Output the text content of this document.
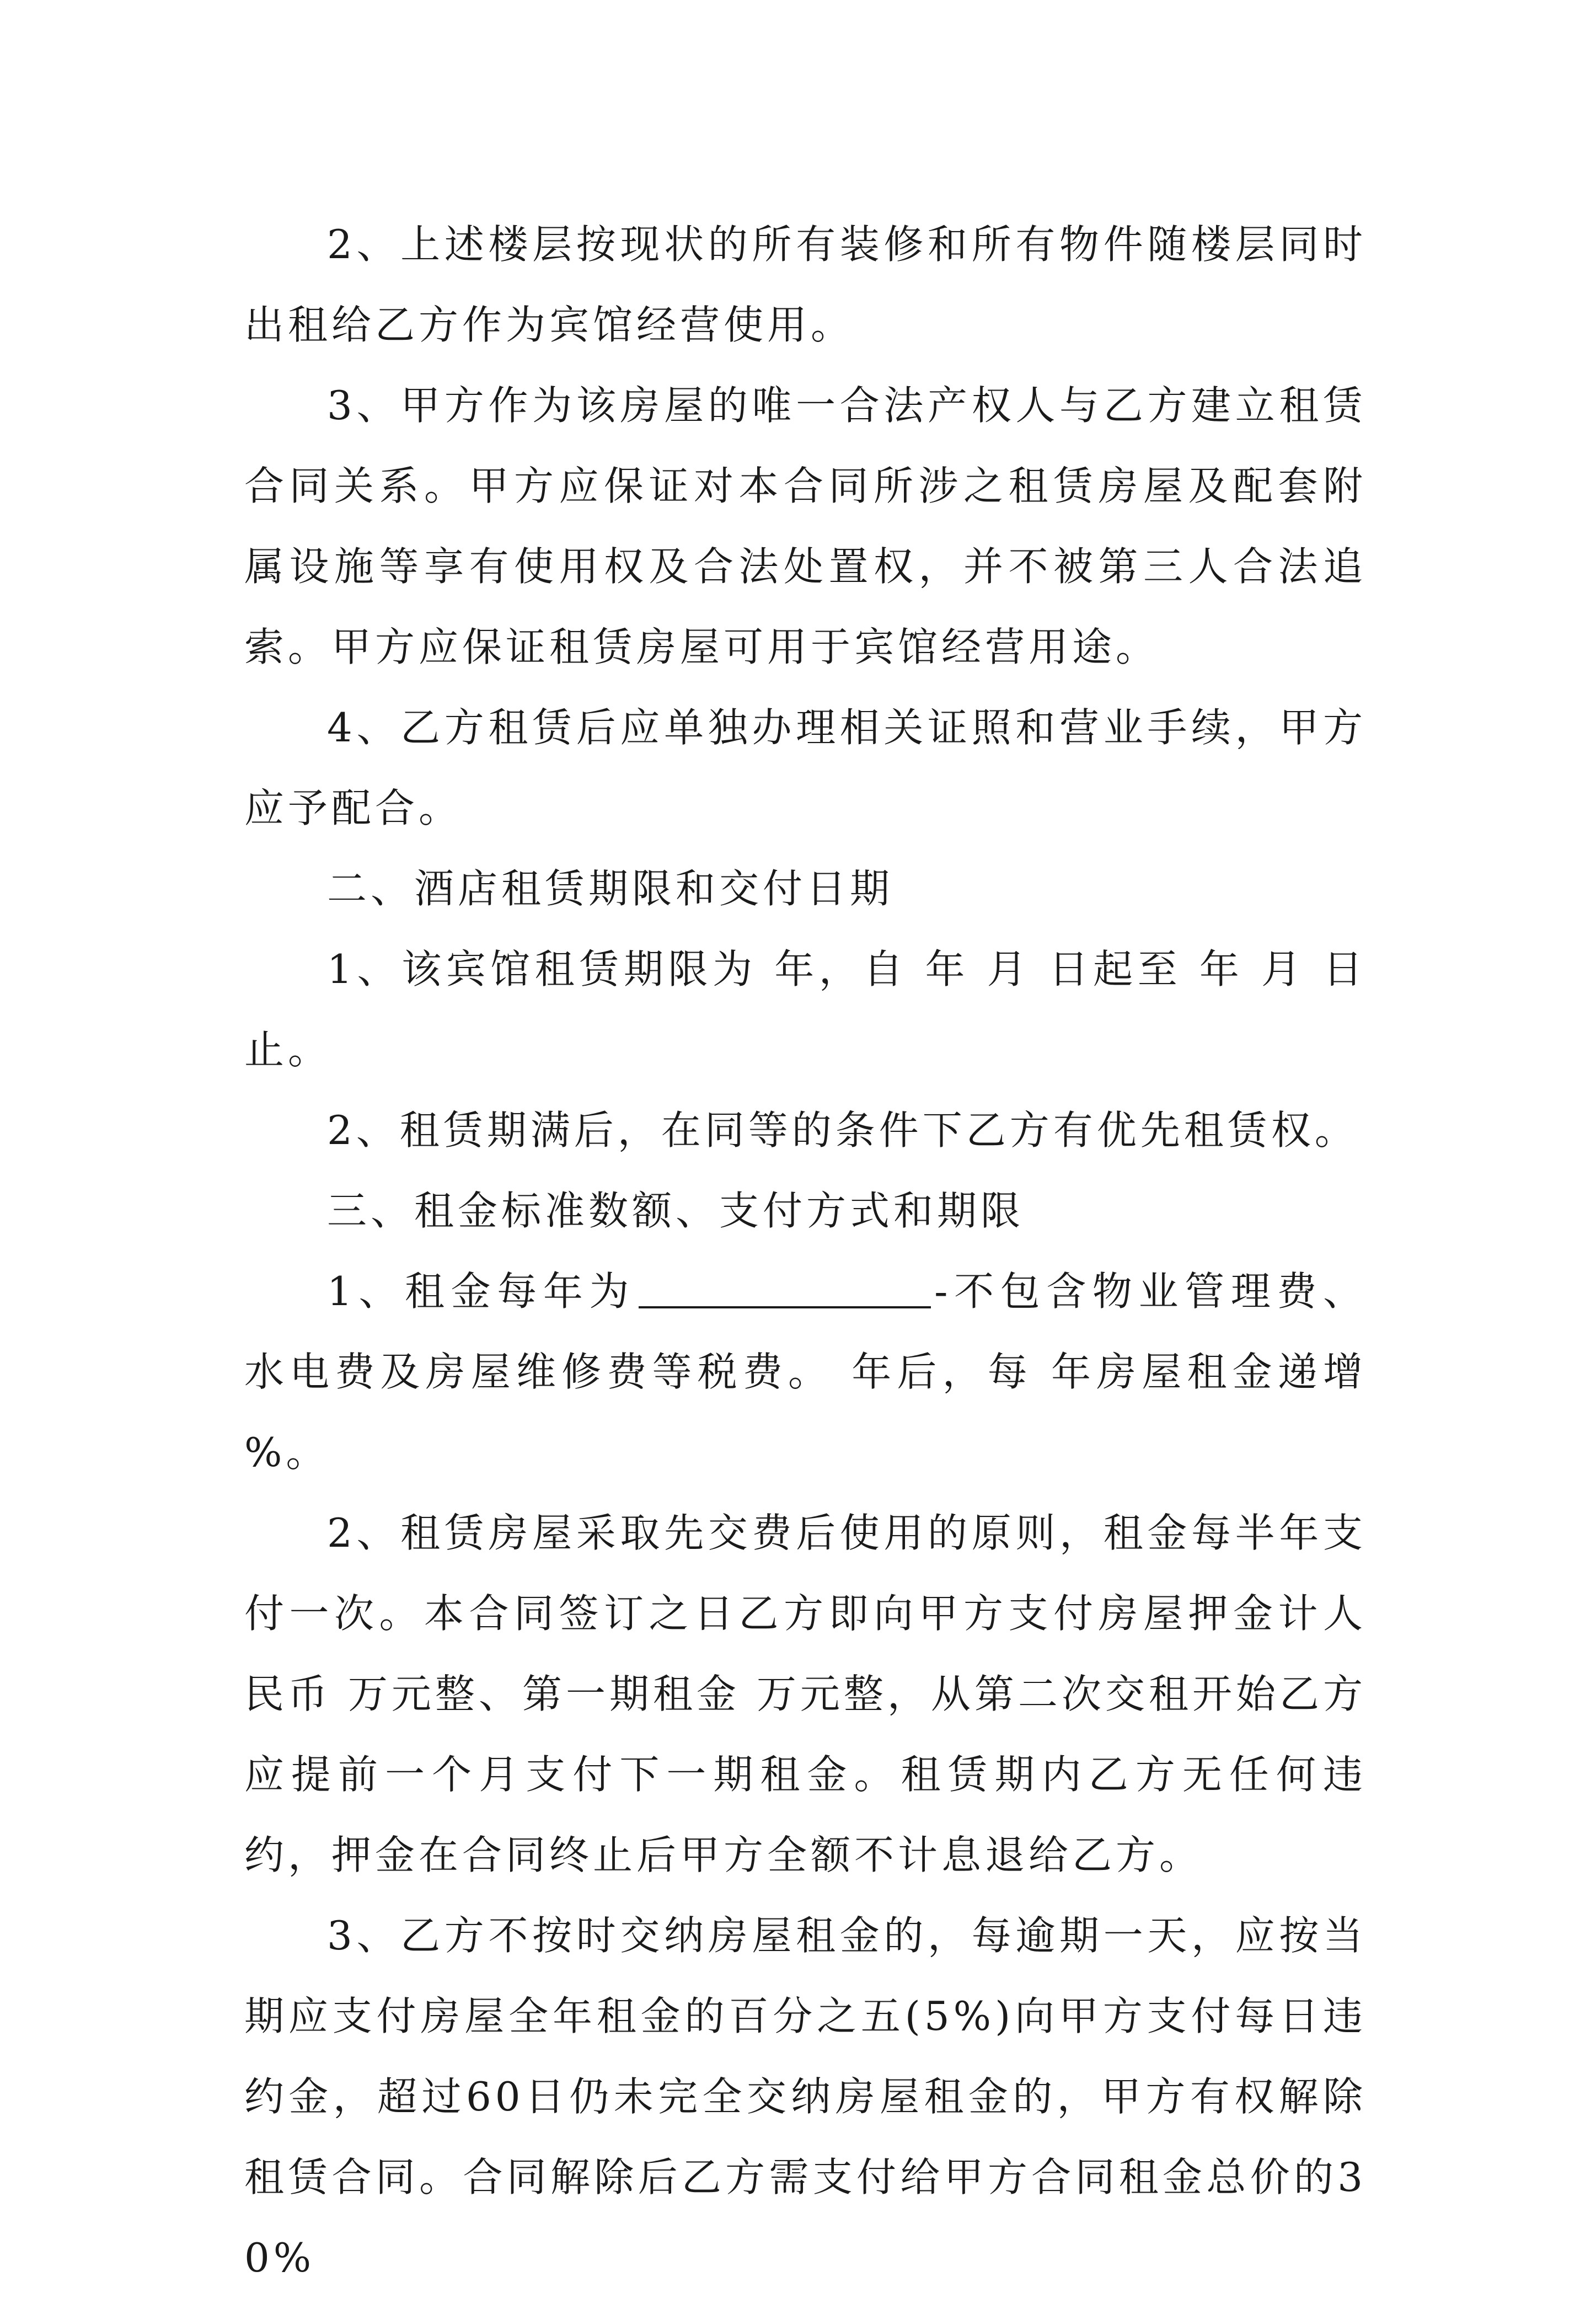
2、上述楼层按现状的所有装修和所有物件随楼层同时出租给乙方作为宾馆经营使用。

3、甲方作为该房屋的唯一合法产权人与乙方建立租赁合同关系。甲方应保证对本合同所涉之租赁房屋及配套附属设施等享有使用权及合法处置权，并不被第三人合法追索。甲方应保证租赁房屋可用于宾馆经营用途。

4、乙方租赁后应单独办理相关证照和营业手续，甲方应予配合。

二、酒店租赁期限和交付日期

1、该宾馆租赁期限为 年，自 年 月 日起至 年 月 日止。

2、租赁期满后，在同等的条件下乙方有优先租赁权。

三、租金标准数额、支付方式和期限

1、租金每年为	-不包含物业管理费、水电费及房屋维修费等税费。 年后，每 年房屋租金递增 %。

2、租赁房屋采取先交费后使用的原则，租金每半年支付一次。本合同签订之日乙方即向甲方支付房屋押金计人民币 万元整、第一期租金 万元整，从第二次交租开始乙方应提前一个月支付下一期租金。租赁期内乙方无任何违约，押金在合同终止后甲方全额不计息退给乙方。

3、乙方不按时交纳房屋租金的，每逾期一天，应按当期应支付房屋全年租金的百分之五(5%)向甲方支付每日违约金，超过60日仍未完全交纳房屋租金的，甲方有权解除租赁合同。合同解除后乙方需支付给甲方合同租金总价的30%
